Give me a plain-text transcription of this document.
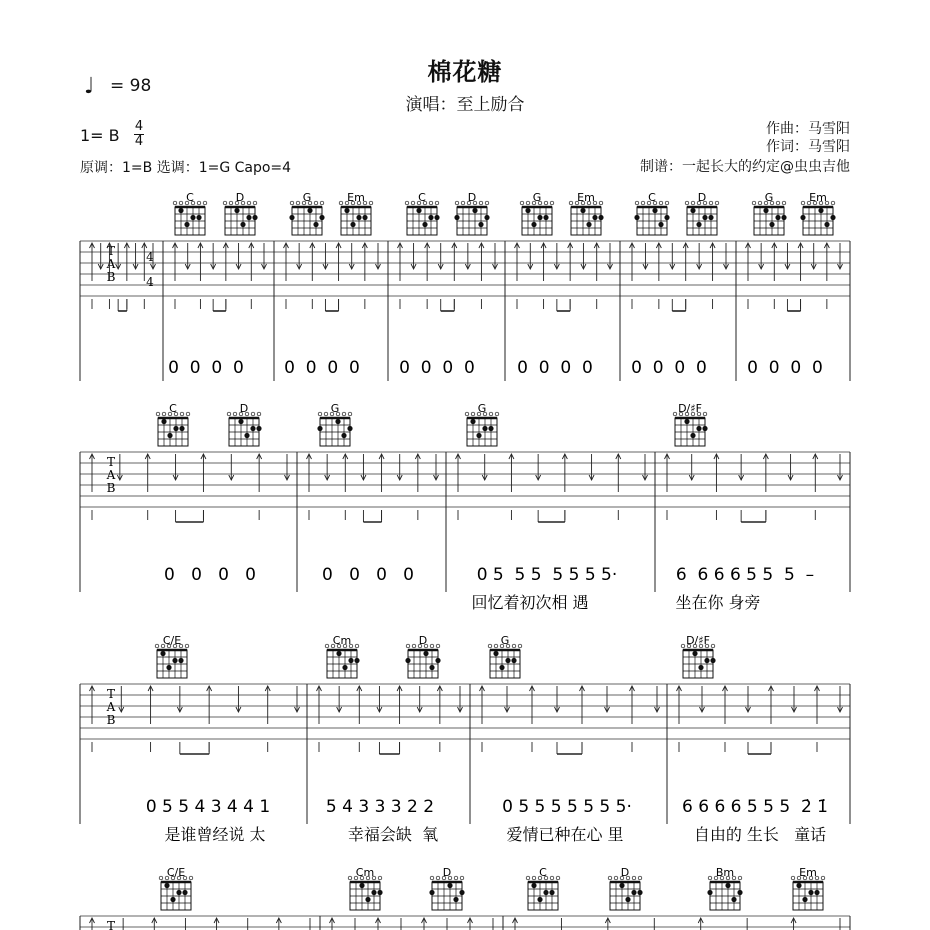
棉花糖
演唱：至上励合
♩ = 98
1= B 4
4
原调：1=B 选调：1=G Capo=4
作曲：马雪阳
作词：马雪阳
制谱：一起长大的约定@虫虫吉他
C	D	G	Em	C	D	G	Em	C	D	G	Em
T
A
B
4
4
0  0  0  0 0  0  0  0 0  0  0  0 0  0  0  0 0  0  0  0 0  0  0  0
C	D	G	G	D/♯F
T
A
B
0   0   0   0	0   0   0   0	0 5  5 5  5 5 5 5·	6  6 6 6 5 5  5  –
回忆着初次相 遇	坐在你 身旁
C/E	Cm	D	G	D/♯F
T
A
B
0 5 5 4 3 4 4 1	5 4 3 3 3 2 2	0 5 5 5 5 5 5 5·	6 6 6 6 5 5 5  2̇ 1̇
是谁曾经说 太	幸福会缺  氧	爱情已种在心 里	自由的 生长   童话
C/E	Cm	D	C	D	Bm	Em
T
